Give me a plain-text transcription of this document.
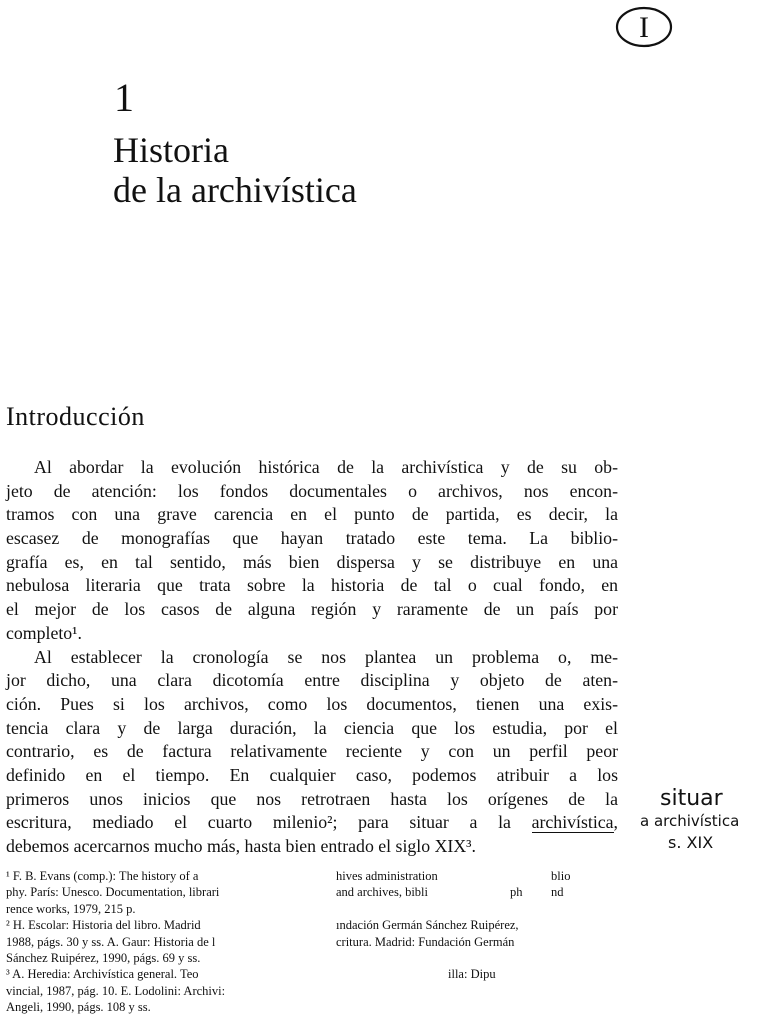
I
1
Historia
de la archivística
Introducción
Al abordar la evolución histórica de la archivística y de su ob-
jeto de atención: los fondos documentales o archivos, nos encon-
tramos con una grave carencia en el punto de partida, es decir, la
escasez de monografías que hayan tratado este tema. La biblio-
grafía es, en tal sentido, más bien dispersa y se distribuye en una
nebulosa literaria que trata sobre la historia de tal o cual fondo, en
el mejor de los casos de alguna región y raramente de un país por
completo¹.
Al establecer la cronología se nos plantea un problema o, me-
jor dicho, una clara dicotomía entre disciplina y objeto de aten-
ción. Pues si los archivos, como los documentos, tienen una exis-
tencia clara y de larga duración, la ciencia que los estudia, por el
contrario, es de factura relativamente reciente y con un perfil peor
definido en el tiempo. En cualquier caso, podemos atribuir a los
primeros unos inicios que nos retrotraen hasta los orígenes de la
escritura, mediado el cuarto milenio²; para situar a la archivística,
debemos acercarnos mucho más, hasta bien entrado el siglo XIX³.
¹ F. B. Evans (comp.): The history of a	hives administration	blio
phy. París: Unesco. Documentation, librari	and archives, bibli	ph nd
rence works, 1979, 215 p.
² H. Escolar: Historia del libro. Madrid	ındación Germán Sánchez Ruipérez,
1988, págs. 30 y ss. A. Gaur: Historia de l	critura. Madrid: Fundación Germán
Sánchez Ruipérez, 1990, págs. 69 y ss.
³ A. Heredia: Archivística general. Teo	illa: Dipu
vincial, 1987, pág. 10. E. Lodolini: Archivi:
Angeli, 1990, págs. 108 y ss.
situar
a archivística
s. XIX
